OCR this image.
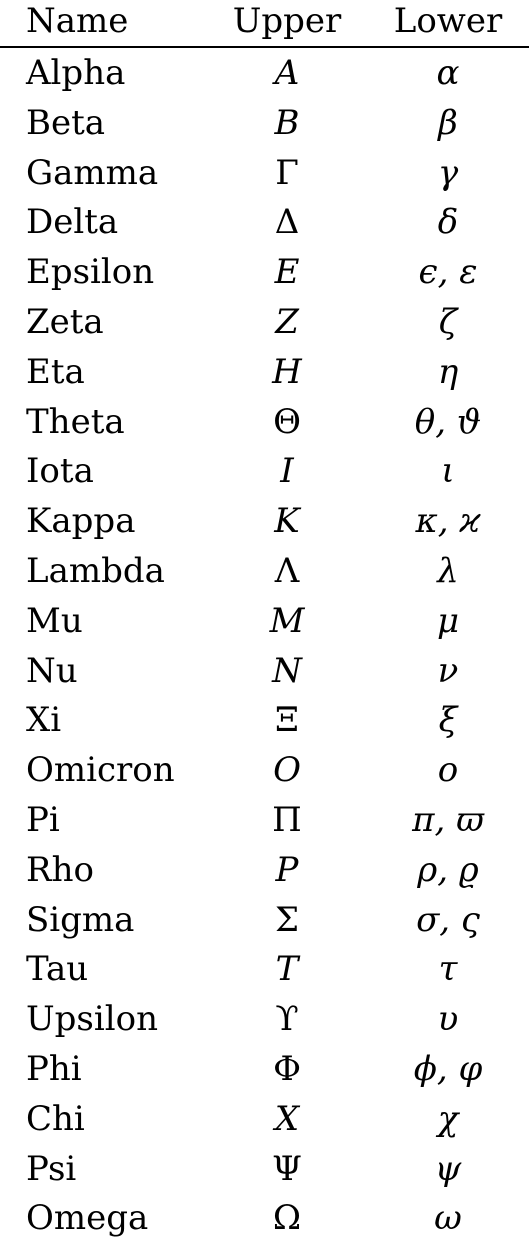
Name	Upper	Lower
Alpha	A	α
Beta	B	β
Gamma	Γ	γ
Delta	Δ	δ
Epsilon	E	ϵ, ε
Zeta	Z	ζ
Eta	H	η
Theta	Θ	θ, ϑ
Iota	I	ι
Kappa	K	κ, ϰ
Lambda	Λ	λ
Mu	M	μ
Nu	N	ν
Xi	Ξ	ξ
Omicron	O	o
Pi	Π	π, ϖ
Rho	P	ρ, ϱ
Sigma	Σ	σ, ς
Tau	T	τ
Upsilon	ϒ	υ
Phi	Φ	ϕ, φ
Chi	X	χ
Psi	Ψ	ψ
Omega	Ω	ω
